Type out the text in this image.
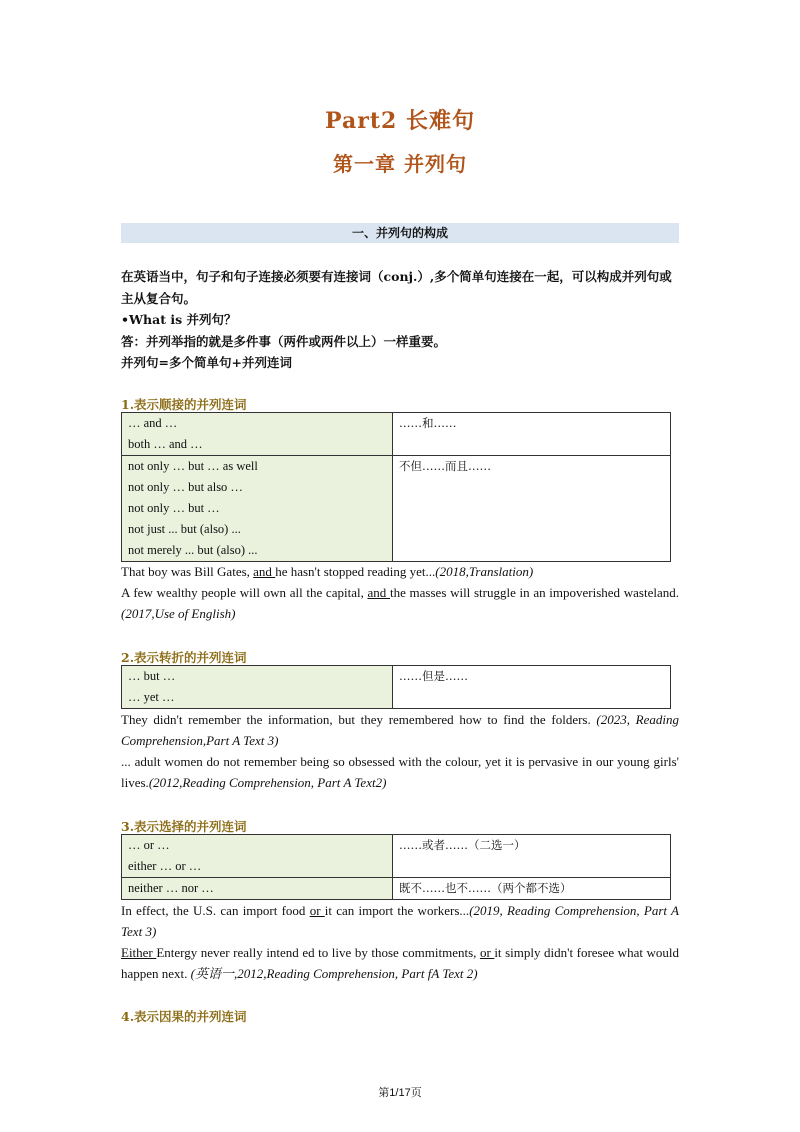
Part2 长难句
第一章 并列句
一、并列句的构成

在英语当中，句子和句子连接必须要有连接词（conj.）,多个简单句连接在一起，可以构成并列句或主从复合句。

•What is 并列句？

答：并列举指的就是多件事（两件或两件以上）一样重要。

并列句=多个简单句+并列连词

1.表示顺接的并列连词
… and …
both … and …	……和……

not only … but … as well
not only … but also …
not only … but …
not just ... but (also) ...
not merely ... but (also) ...	不但……而且……

That boy was Bill Gates, and he hasn't stopped reading yet...(2018,Translation)

A few wealthy people will own all the capital, and the masses will struggle in an impoverished wasteland.(2017,Use of English)

2.表示转折的并列连词
… but …
… yet …
	……但是……

They didn't remember the information, but they remembered how to find the folders. (2023, Reading Comprehension,Part A Text 3)

... adult women do not remember being so obsessed with the colour, yet it is pervasive in our young girls' lives.(2012,Reading Comprehension, Part A Text2)

3.表示选择的并列连词
… or …
either … or …	……或者……（二选一）

neither … nor …	既不……也不……（两个都不选）

In effect, the U.S. can import food or it can import the workers...(2019, Reading Comprehension, Part A Text 3)

Either Entergy never really intend ed to live by those commitments, or it simply didn't foresee what would happen next. (英语一,2012,Reading Comprehension, Part fA Text 2)

4.表示因果的并列连词
第1/17页
